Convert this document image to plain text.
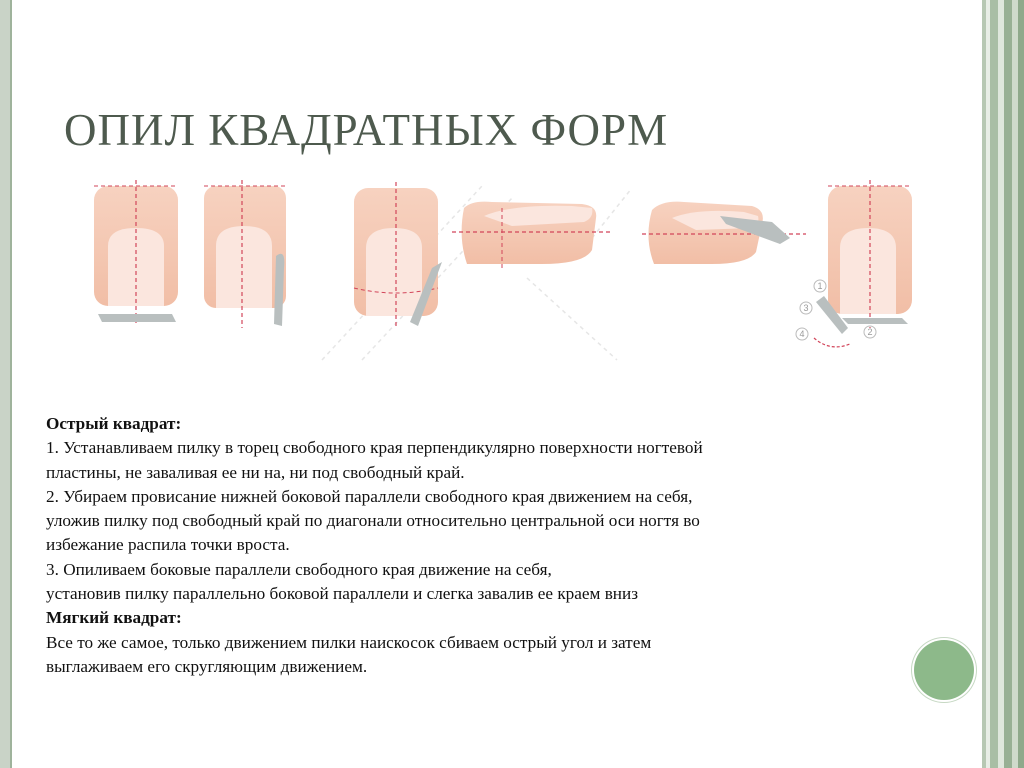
ОПИЛ КВАДРАТНЫХ ФОРМ
1
2
3
4
Острый квадрат:
1. Устанавливаем пилку в торец свободного края перпендикулярно поверхности ногтевой
пластины, не заваливая ее ни на, ни под свободный край.
2. Убираем провисание нижней боковой параллели свободного края движением на себя,
уложив пилку под свободный край по диагонали относительно центральной оси ногтя во
избежание распила точки вроста.
3. Опиливаем боковые параллели свободного края движение на себя,
установив пилку параллельно боковой параллели и слегка завалив ее краем вниз
Мягкий квадрат:
Все то же самое, только движением пилки наискосок сбиваем острый угол и затем
выглаживаем его скругляющим движением.
